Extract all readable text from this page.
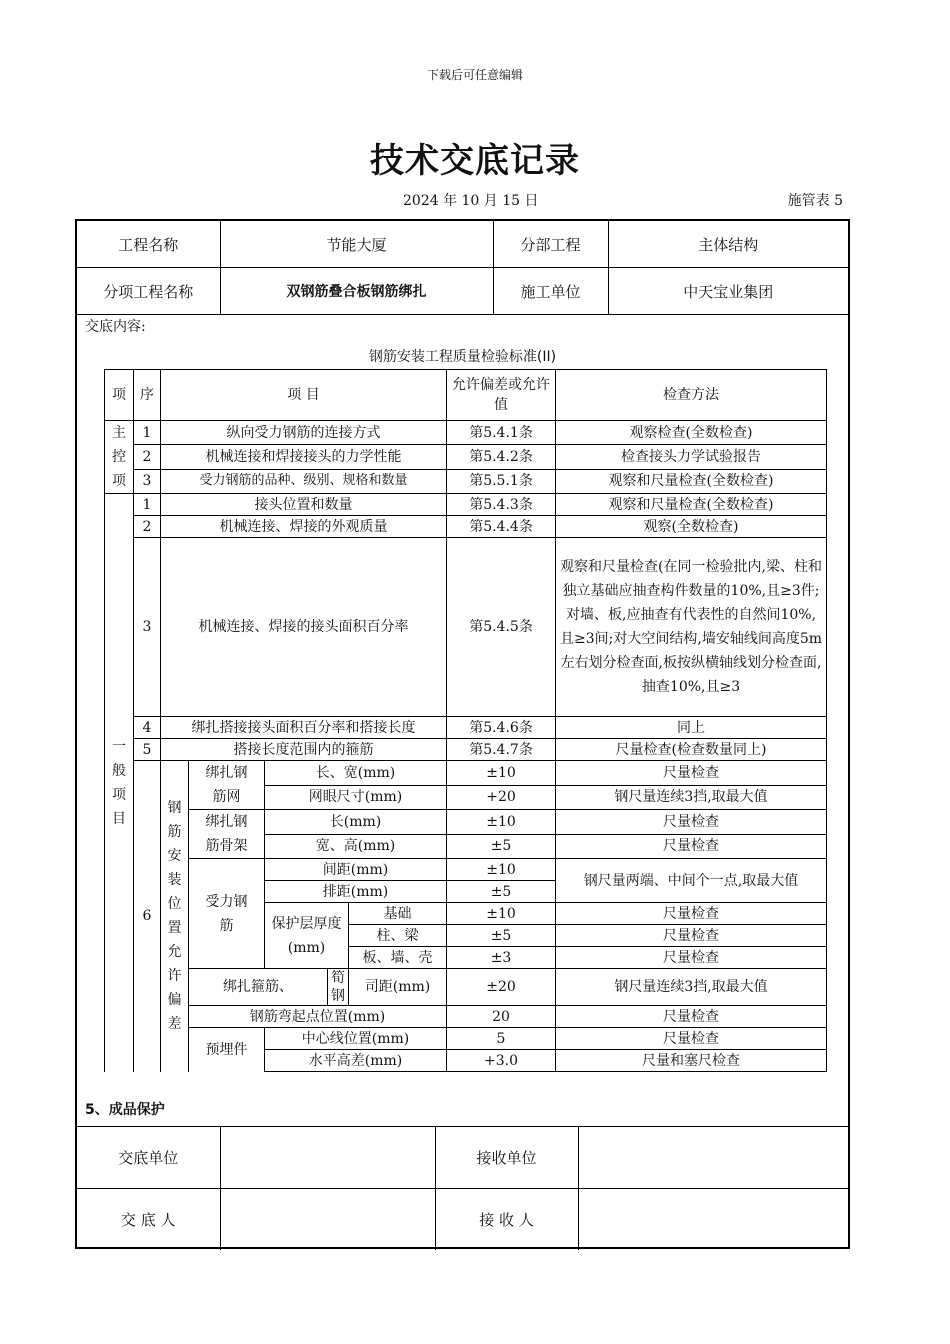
下载后可任意编辑
技术交底记录
2024 年 10 月 15 日	施管表 5
工程名称	节能大厦	分部工程	主体结构
分项工程名称	双钢筋叠合板钢筋绑扎	施工单位	中天宝业集团
交底内容:
钢筋安装工程质量检验标准(II)
项	序	项 目					允许偏差或允许值	检查方法
主控项	1	纵向受力钢筋的连接方式					第5.4.1条	观察检查(全数检查)
	2	机械连接和焊接接头的力学性能					第5.4.2条	检查接头力学试验报告
	3	受力钢筋的品种、级别、规格和数量					第5.5.1条	观察和尺量检查(全数检查)
一般项目	1	接头位置和数量					第5.4.3条	观察和尺量检查(全数检查)
	2	机械连接、焊接的外观质量					第5.4.4条	观察(全数检查)
	3	机械连接、焊接的接头面积百分率					第5.4.5条	观察和尺量检查(在同一检验批内,梁、柱和独立基础应抽查构件数量的10%,且≥3件;对墙、板,应抽查有代表性的自然间10%,且≥3间;对大空间结构,墙安轴线间高度5m左右划分检查面,板按纵横轴线划分检查面,抽查10%,且≥3
	4	绑扎搭接接头面积百分率和搭接长度					第5.4.6条	同上
	5	搭接长度范围内的箍筋					第5.4.7条	尺量检查(检查数量同上)
	6	钢筋安装位置允许偏差	绑扎钢筋网	长、宽(mm)			±10	尺量检查
				网眼尺寸(mm)			+20	钢尺量连续3挡,取最大值
			绑扎钢筋骨架	长(mm)			±10	尺量检查
				宽、高(mm)			±5	尺量检查
			受力钢筋	间距(mm)			±10	钢尺量两端、中间个一点,取最大值
				排距(mm)			±5	
				保护层厚度(mm)		基础	±10	尺量检查
						柱、梁	±5	尺量检查
						板、墙、壳	±3	尺量检查
			绑扎箍筋、		筍钢	司距(mm)	±20	钢尺量连续3挡,取最大值
			钢筋弯起点位置(mm)				20	尺量检查
			预埋件	中心线位置(mm)			5	尺量检查
				水平高差(mm)			+3.0	尺量和塞尺检查
5、成品保护
交底单位		接收单位	
交 底 人		接 收 人	
